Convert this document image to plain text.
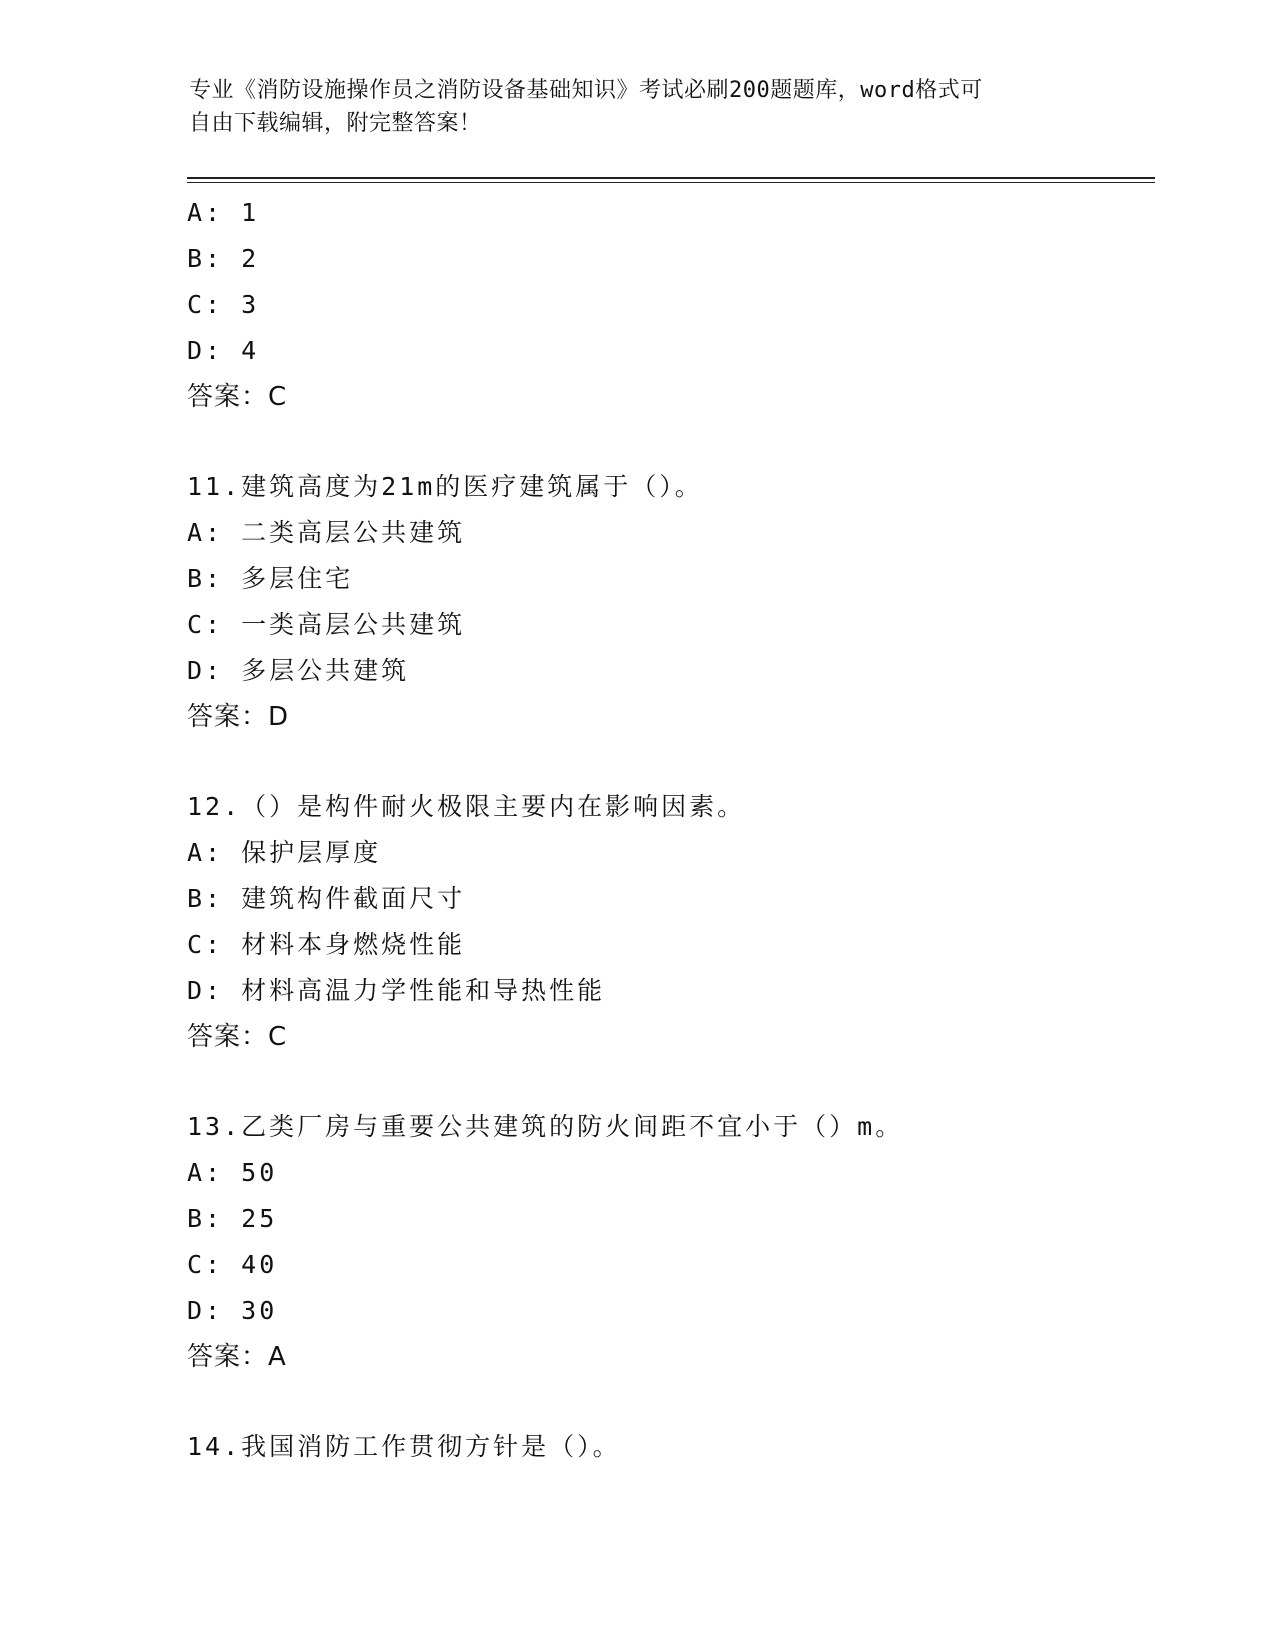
专业《消防设施操作员之消防设备基础知识》考试必刷200题题库，word格式可
自由下载编辑，附完整答案！
A: 1
B: 2
C: 3
D: 4
答案：C
11.建筑高度为21m的医疗建筑属于（）。
A: 二类高层公共建筑
B: 多层住宅
C: 一类高层公共建筑
D: 多层公共建筑
答案：D
12.（）是构件耐火极限主要内在影响因素。
A: 保护层厚度
B: 建筑构件截面尺寸
C: 材料本身燃烧性能
D: 材料高温力学性能和导热性能
答案：C
13.乙类厂房与重要公共建筑的防火间距不宜小于（）m。
A: 50
B: 25
C: 40
D: 30
答案：A
14.我国消防工作贯彻方针是（）。
